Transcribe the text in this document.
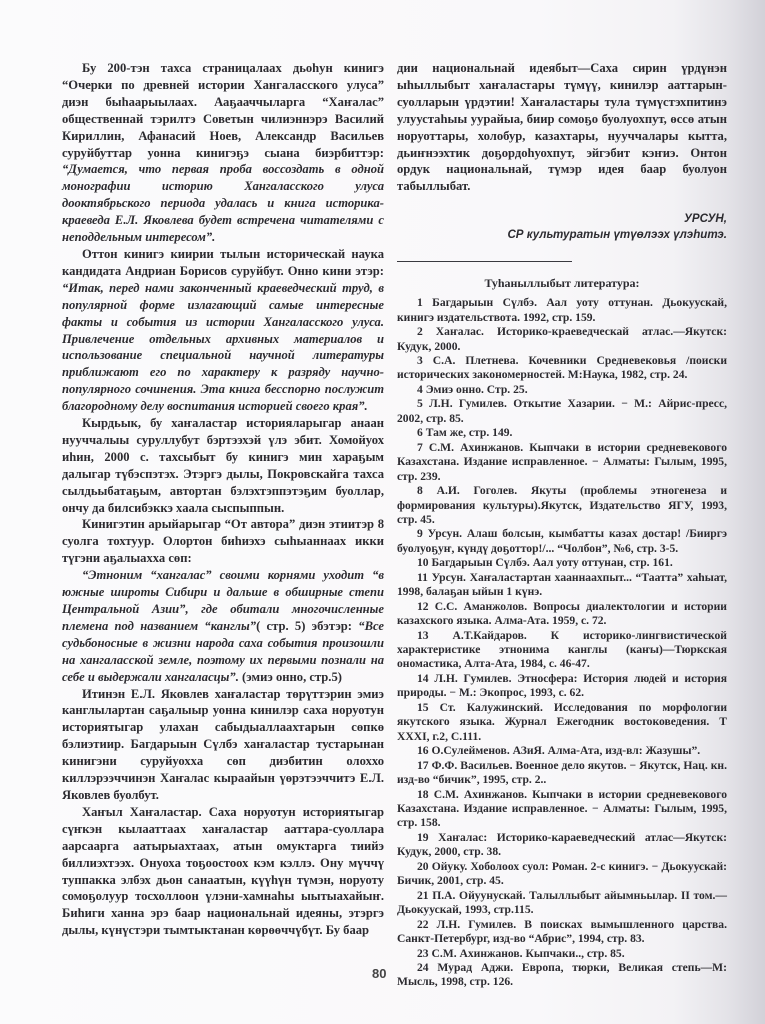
Бу 200-тэн тахса страницалаах дьоһун кинигэ “Очерки по древней истории Хангаласского улуса” диэн быһаарыылаах. Ааҕааччыларга “Хаҥалас” общественнай тэрилтэ Советын чилиэннэрэ Василий Кириллин, Афанасий Ноев, Александр Васильев суруйбуттар уонна кинигэҕэ сыана биэрбиттэр: “Думается, что первая проба воссоздать в одной монографии историю Хангаласского улуса дооктябрьского периода удалась и книга историка-краеведа Е.Л. Яковлева будет встречена читателями с неподдельным интересом”.

Оттон кинигэ киирии тылын историческай наука кандидата Андриан Борисов суруйбут. Онно кини этэр: “Итак, перед нами законченный краеведческий труд, в популярной форме излагающий самые интересные факты и события из истории Хангаласского улуса. Привлечение отдельных архивных материалов и использование специальной научной литературы приближают его по характеру к разряду научно-популярного сочинения. Эта книга бесспорно послужит благородному делу воспитания историей своего края”.

Кырдьык, бу хаҥаластар историяларыгар анаан нууччалыы суруллубут бэртээхэй үлэ эбит. Хомойуох иһин, 2000 с. тахсыбыт бу кинигэ мин хараҕым далыгар түбэспэтэх. Этэргэ дылы, Покровскайга тахса сылдьыбатаҕым, автортан бэлэхтэппэтэҕим буоллар, ончу да билсибэккэ хаала сыспыппын.

Кинигэтин арыйарыгар “От автора” диэн этиитэр 8 суолга тохтуур. Олортон биһиэхэ сыһыаннаах икки түгэни аҕалыахха сөп:

“Этноним “хангалас” своими корнями уходит “в южные широты Сибири и дальше в обширные степи Центральной Азии”, где обитали многочисленные племена под названием “канглы”( стр. 5) эбэтэр: “Все судьбоносные в жизни народа саха события произошли на хангаласской земле, поэтому их первыми познали на себе и выдержали хангаласцы”. (эмиэ онно, стр.5)

Итинэн Е.Л. Яковлев хаҥаластар төрүттэрин эмиэ канглылартан саҕалыыр уонна кинилэр саха норуотун историятыгар улахан сабыдыаллаахтарын сөпкө бэлиэтиир. Багдарыын Сүлбэ хаҥаластар тустарынан кинигэни суруйуохха сөп диэбитин олоххо киллэрээччинэн Хаҥалас кыраайын үөрэтээччитэ Е.Л. Яковлев буолбут.

Хаҥыл Хаҥаластар. Саха норуотун историятыгар сүҥкэн кылааттаах хаҥаластар ааттара-суоллара аарсаарга аатырыахтаах, атын омуктарга тиийэ биллиэхтээх. Онуоха тоҕоостоох кэм кэллэ. Ону мүччү туппакка элбэх дьон санаатын, күүһүн түмэн, норуоту сомоҕолуур тосхоллоон үлэни-хамнаһы ыытыахайыҥ. Биһиги ханна эрэ баар национальнай идеяны, этэргэ дылы, күнүстэри тымтыктанан көрөөччүбүт. Бу баар

дии национальнай идеябыт—Саха сирин үрдүнэн ыһыллыбыт хаҥаластары түмүү, кинилэр ааттарын-суолларын үрдэтии! Хаҥаластары тула түмүстэхпитинэ улуустаһыы уурайыа, биир сомоҕо буолуохпут, өссө атын норуоттары, холобур, казахтары, нууччалары кытта, дьиҥнээхтик доҕордоһуохпут, эйгэбит кэҥиэ. Онтон ордук национальнай, түмэр идея баар буолуон табыллыбат.

УРСУН,
СР культуратын үтүөлээх үлэһитэ.
Туһаныллыбыт литература:

1 Багдарыын Сүлбэ. Аал уоту оттунан. Дьокуускай, кинигэ издательствота. 1992, стр. 159.

2 Хаҥалас. Историко-краеведческай атлас.—Якутск: Кудук, 2000.

3 С.А. Плетнева. Кочевники Средневековья /поиски исторических закономерностей. М:Наука, 1982, стр. 24.

4 Эмиэ онно. Стр. 25.

5 Л.Н. Гумилев. Откытие Хазарии. − М.: Айрис-пресс, 2002, стр. 85.

6 Там же, стр. 149.

7 С.М. Ахинжанов. Кыпчаки в истории средневекового Казахстана. Издание исправленное. − Алматы: Гылым, 1995, стр. 239.

8 А.И. Гоголев. Якуты (проблемы этногенеза и формирования культуры).Якутск, Издательство ЯГУ, 1993, стр. 45.

9 Урсун. Алаш болсын, кымбатты казах достар! /Бииргэ буолуоҕуҥ, күндү доҕоттор!/... “Чолбон”, №6, стр. 3-5.

10 Багдарыын Сүлбэ. Аал уоту оттунан, стр. 161.

11 Урсун. Хаҥаластартан хааннаахпыт... “Таатта” хаһыат, 1998, балаҕан ыйын 1 күнэ.

12 С.С. Аманжолов. Вопросы диалектологии и истории казахского языка. Алма-Ата. 1959, с. 72.

13 А.Т.Кайдаров. К историко-лингвистической характеристике этнонима канглы (каҥы)—Тюркская ономастика, Алта-Ата, 1984, с. 46-47.

14 Л.Н. Гумилев. Этносфера: История людей и история природы. − М.: Экопрос, 1993, с. 62.

15 Ст. Калужинский. Исследования по морфологии якутского языка. Журнал Ежегодник востоковедения. Т XXXI, г.2, С.111.

16 О.Сулейменов. АЗиЯ. Алма-Ата, изд-вл: Жазушы”.

17 Ф.Ф. Васильев. Военное дело якутов. − Якутск, Нац. кн. изд-во “бичик”, 1995, стр. 2..

18 С.М. Ахинжанов. Кыпчаки в истории средневекового Казахстана. Издание исправленное. − Алматы: Гылым, 1995, стр. 158.

19 Хаҥалас: Историко-караеведческий атлас—Якутск: Кудук, 2000, стр. 38.

20 Ойуку. Хоболоох суол: Роман. 2-с кинигэ. − Дьокуускай: Бичик, 2001, стр. 45.

21 П.А. Ойуунускай. Талыллыбыт айымньылар. II том.—Дьокуускай, 1993, стр.115.

22 Л.Н. Гумилев. В поисках вымышленного царства. Санкт-Петербург, изд-во “Абрис”, 1994, стр. 83.

23 С.М. Ахинжанов. Кыпчаки.., стр. 85.

24 Мурад Аджи. Европа, тюрки, Великая степь—М: Мысль, 1998, стр. 126.

80
